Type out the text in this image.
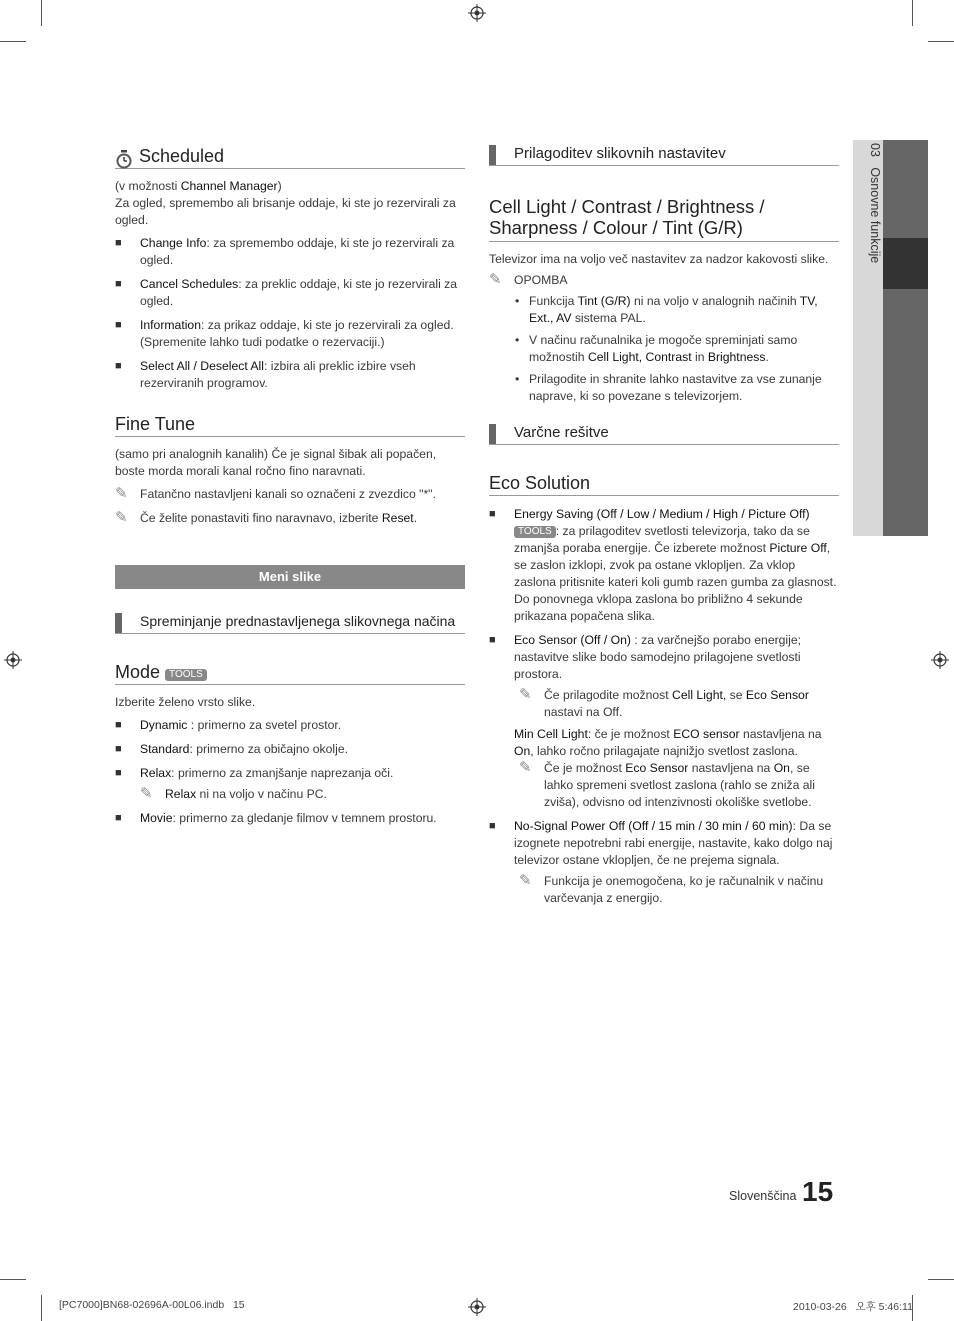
03   Osnovne funkcije
Scheduled

(v možnosti Channel Manager)

Za ogled, spremembo ali brisanje oddaje, ki ste jo rezervirali za ogled.

■ Change Info: za spremembo oddaje, ki ste jo rezervirali za ogled.
■ Cancel Schedules: za preklic oddaje, ki ste jo rezervirali za ogled.
■ Information: za prikaz oddaje, ki ste jo rezervirali za ogled. (Spremenite lahko tudi podatke o rezervaciji.)
■ Select All / Deselect All: izbira ali preklic izbire vseh rezerviranih programov.
Fine Tune

(samo pri analognih kanalih) Če je signal šibak ali popačen, boste morda morali kanal ročno fino naravnati.

✎ Fatančno nastavljeni kanali so označeni z zvezdico "*".
✎ Če želite ponastaviti fino naravnavo, izberite Reset.
Meni slike
Spreminjanje prednastavljenega slikovnega načina
Mode TOOLS

Izberite želeno vrsto slike.

■ Dynamic : primerno za svetel prostor.
■ Standard: primerno za običajno okolje.
■ Relax: primerno za zmanjšanje naprezanja oči.
✎ Relax ni na voljo v načinu PC.
■ Movie: primerno za gledanje filmov v temnem prostoru.
Prilagoditev slikovnih nastavitev
Cell Light / Contrast / Brightness /
Sharpness / Colour / Tint (G/R)

Televizor ima na voljo več nastavitev za nadzor kakovosti slike.

✎ OPOMBA
• Funkcija Tint (G/R) ni na voljo v analognih načinih TV, Ext., AV sistema PAL.
• V načinu računalnika je mogoče spreminjati samo možnostih Cell Light, Contrast in Brightness.
• Prilagodite in shranite lahko nastavitve za vse zunanje naprave, ki so povezane s televizorjem.
Varčne rešitve
Eco Solution
■ Energy Saving (Off / Low / Medium / High / Picture Off) TOOLS : za prilagoditev svetlosti televizorja, tako da se zmanjša poraba energije. Če izberete možnost Picture Off, se zaslon izklopi, zvok pa ostane vklopljen. Za vklop zaslona pritisnite kateri koli gumb razen gumba za glasnost. Do ponovnega vklopa zaslona bo približno 4 sekunde prikazana popačena slika.
■ Eco Sensor (Off / On) : za varčnejšo porabo energije; nastavitve slike bodo samodejno prilagojene svetlosti prostora.
✎ Če prilagodite možnost Cell Light, se Eco Sensor nastavi na Off.

Min Cell Light: če je možnost ECO sensor nastavljena na On, lahko ročno prilagajate najnižjo svetlost zaslona.

✎ Če je možnost Eco Sensor nastavljena na On, se lahko spremeni svetlost zaslona (rahlo se zniža ali zviša), odvisno od intenzivnosti okoliške svetlobe.
■ No-Signal Power Off (Off / 15 min / 30 min / 60 min): Da se izognete nepotrebni rabi energije, nastavite, kako dolgo naj televizor ostane vklopljen, če ne prejema signala.
✎ Funkcija je onemogočena, ko je računalnik v načinu varčevanja z energijo.
Slovenščina 15
[PC7000]BN68-02696A-00L06.indb   15	2010-03-26   오후 5:46:11
